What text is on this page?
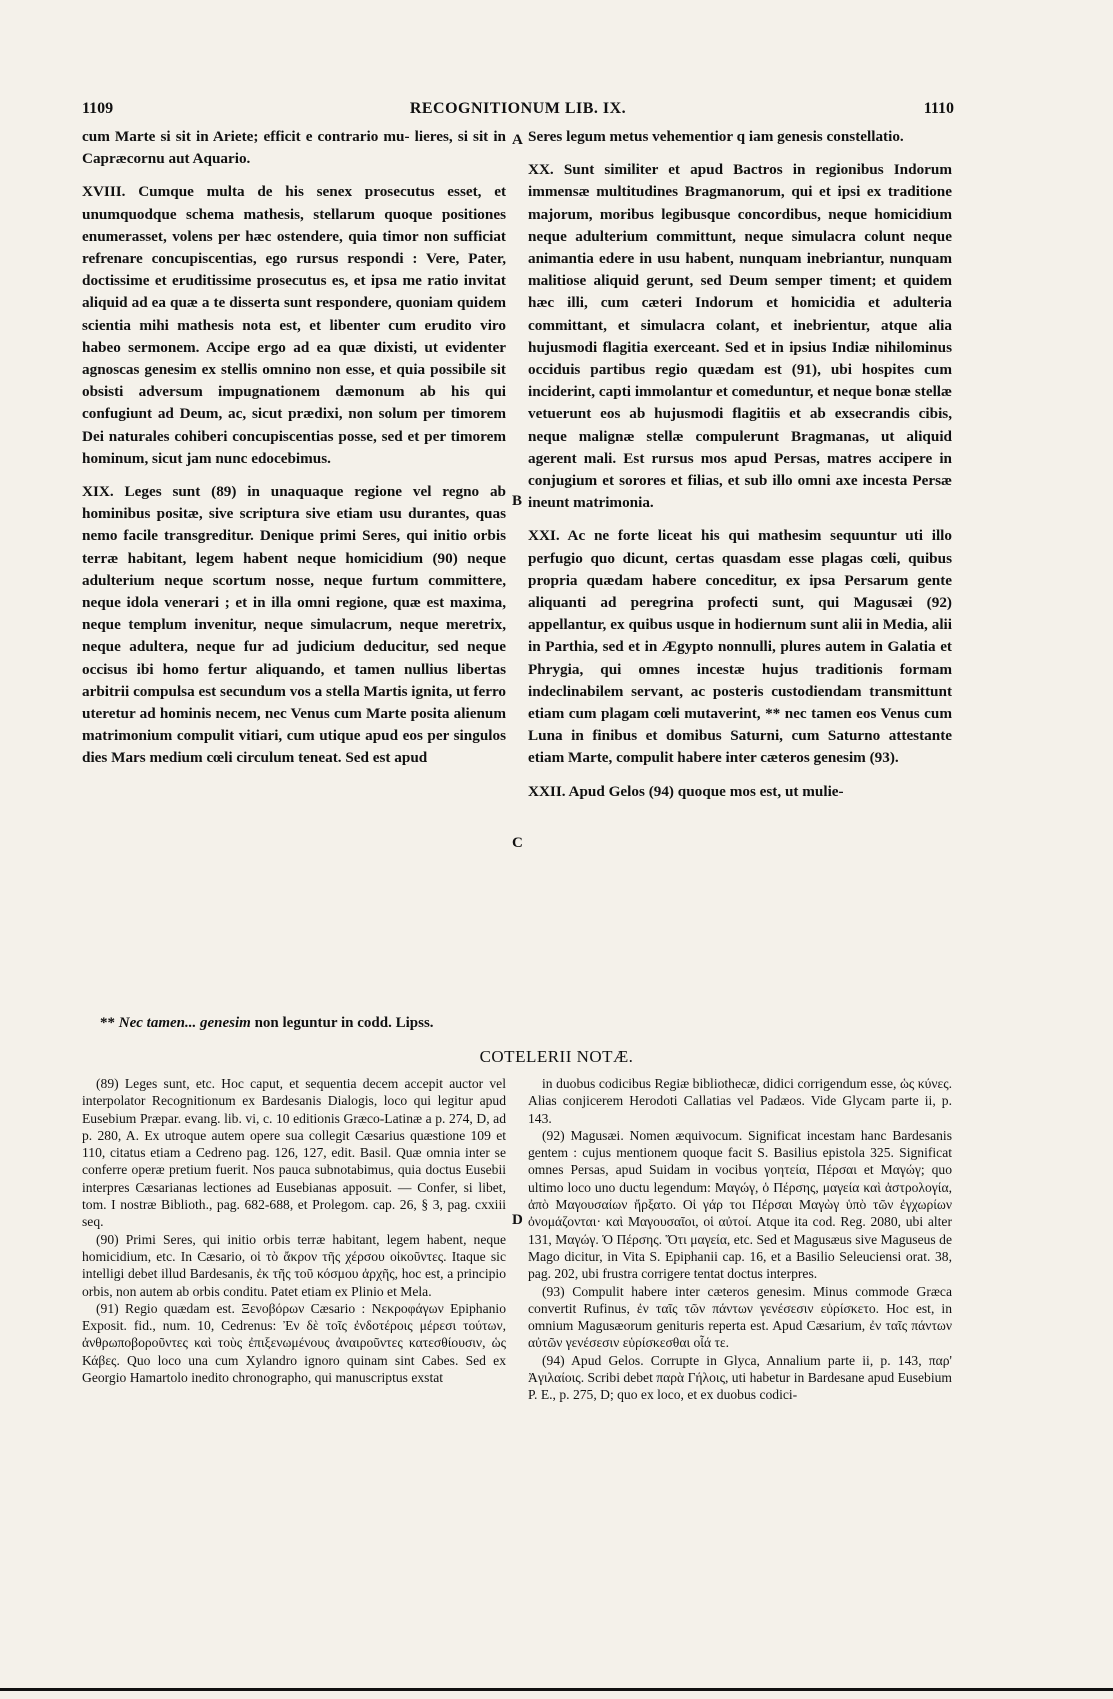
1109	RECOGNITIONUM LIB. IX.	1110
A
B
C
D

cum Marte si sit in Ariete; efficit e contrario mu- lieres, si sit in Capræcornu aut Aquario.

XVIII. Cumque multa de his senex prosecutus esset, et unumquodque schema mathesis, stellarum quoque positiones enumerasset, volens per hæc ostendere, quia timor non sufficiat refrenare concupiscentias, ego rursus respondi : Vere, Pater, doctissime et eruditissime prosecutus es, et ipsa me ratio invitat aliquid ad ea quæ a te disserta sunt respondere, quoniam quidem scientia mihi mathesis nota est, et libenter cum erudito viro habeo sermonem. Accipe ergo ad ea quæ dixisti, ut evidenter agnoscas genesim ex stellis omnino non esse, et quia possibile sit obsisti adversum impugnationem dæmonum ab his qui confugiunt ad Deum, ac, sicut prædixi, non solum per timorem Dei naturales cohiberi concupiscentias posse, sed et per timorem hominum, sicut jam nunc edocebimus.

XIX. Leges sunt (89) in unaquaque regione vel regno ab hominibus positæ, sive scriptura sive etiam usu durantes, quas nemo facile transgreditur. Denique primi Seres, qui initio orbis terræ habitant, legem habent neque homicidium (90) neque adulterium neque scortum nosse, neque furtum committere, neque idola venerari ; et in illa omni regione, quæ est maxima, neque templum invenitur, neque simulacrum, neque meretrix, neque adultera, neque fur ad judicium deducitur, sed neque occisus ibi homo fertur aliquando, et tamen nullius libertas arbitrii compulsa est secundum vos a stella Martis ignita, ut ferro uteretur ad hominis necem, nec Venus cum Marte posita alienum matrimonium compulit vitiari, cum utique apud eos per singulos dies Mars medium cœli circulum teneat. Sed est apud

Seres legum metus vehementior q iam genesis constellatio.

XX. Sunt similiter et apud Bactros in regionibus Indorum immensæ multitudines Bragmanorum, qui et ipsi ex traditione majorum, moribus legibusque concordibus, neque homicidium neque adulterium committunt, neque simulacra colunt neque animantia edere in usu habent, nunquam inebriantur, nunquam malitiose aliquid gerunt, sed Deum semper timent; et quidem hæc illi, cum cæteri Indorum et homicidia et adulteria committant, et simulacra colant, et inebrientur, atque alia hujusmodi flagitia exerceant. Sed et in ipsius Indiæ nihilominus occiduis partibus regio quædam est (91), ubi hospites cum inciderint, capti immolantur et comeduntur, et neque bonæ stellæ vetuerunt eos ab hujusmodi flagitiis et ab exsecrandis cibis, neque malignæ stellæ compulerunt Bragmanas, ut aliquid agerent mali. Est rursus mos apud Persas, matres accipere in conjugium et sorores et filias, et sub illo omni axe incesta Persæ ineunt matrimonia.

XXI. Ac ne forte liceat his qui mathesim sequuntur uti illo perfugio quo dicunt, certas quasdam esse plagas cœli, quibus propria quædam habere conceditur, ex ipsa Persarum gente aliquanti ad peregrina profecti sunt, qui Magusæi (92) appellantur, ex quibus usque in hodiernum sunt alii in Media, alii in Parthia, sed et in Ægypto nonnulli, plures autem in Galatia et Phrygia, qui omnes incestæ hujus traditionis formam indeclinabilem servant, ac posteris custodiendam transmittunt etiam cum plagam cœli mutaverint, ** nec tamen eos Venus cum Luna in finibus et domibus Saturni, cum Saturno attestante etiam Marte, compulit habere inter cæteros genesim (93).

XXII. Apud Gelos (94) quoque mos est, ut mulie-

** Nec tamen... genesim non leguntur in codd. Lipss.
COTELERII NOTÆ.

(89) Leges sunt, etc. Hoc caput, et sequentia decem accepit auctor vel interpolator Recognitionum ex Bardesanis Dialogis, loco qui legitur apud Eusebium Præpar. evang. lib. vi, c. 10 editionis Græco-Latinæ a p. 274, D, ad p. 280, A. Ex utroque autem opere sua collegit Cæsarius quæstione 109 et 110, citatus etiam a Cedreno pag. 126, 127, edit. Basil. Quæ omnia inter se conferre operæ pretium fuerit. Nos pauca subnotabimus, quia doctus Eusebii interpres Cæsarianas lectiones ad Eusebianas apposuit. — Confer, si libet, tom. I nostræ Biblioth., pag. 682-688, et Prolegom. cap. 26, § 3, pag. cxxiii seq.

(90) Primi Seres, qui initio orbis terræ habitant, legem habent, neque homicidium, etc. In Cæsario, οἱ τὸ ἄκρον τῆς χέρσου οἰκοῦντες. Itaque sic intelligi debet illud Bardesanis, ἐκ τῆς τοῦ κόσμου ἀρχῆς, hoc est, a principio orbis, non autem ab orbis conditu. Patet etiam ex Plinio et Mela.

(91) Regio quædam est. Ξενοβόρων Cæsario : Νεκροφάγων Epiphanio Exposit. fid., num. 10, Cedrenus: Ἐν δὲ τοῖς ἐνδοτέροις μέρεσι τούτων, ἀνθρωποβοροῦντες καὶ τοὺς ἐπιξενωμένους ἀναιροῦντες κατεσθίουσιν, ὡς Κάβες. Quo loco una cum Xylandro ignoro quinam sint Cabes. Sed ex Georgio Hamartolo inedito chronographo, qui manuscriptus exstat

in duobus codicibus Regiæ bibliothecæ, didici corrigendum esse, ὡς κύνες. Alias conjicerem Herodoti Callatias vel Padæos. Vide Glycam parte ii, p. 143.

(92) Magusæi. Nomen æquivocum. Significat incestam hanc Bardesanis gentem : cujus mentionem quoque facit S. Basilius epistola 325. Significat omnes Persas, apud Suidam in vocibus γοητεία, Πέρσαι et Μαγώγ; quo ultimo loco uno ductu legendum: Μαγώγ, ὁ Πέρσης, μαγεία καὶ ἀστρολογία, ἀπὸ Μαγουσαίων ἤρξατο. Οἱ γάρ τοι Πέρσαι Μαγὼγ ὑπὸ τῶν ἐγχωρίων ὀνομάζονται· καὶ Μαγουσαῖοι, οἱ αὐτοί. Atque ita cod. Reg. 2080, ubi alter 131, Μαγώγ. Ὁ Πέρσης. Ὅτι μαγεία, etc. Sed et Magusæus sive Maguseus de Mago dicitur, in Vita S. Epiphanii cap. 16, et a Basilio Seleuciensi orat. 38, pag. 202, ubi frustra corrigere tentat doctus interpres.

(93) Compulit habere inter cæteros genesim. Minus commode Græca convertit Rufinus, ἐν ταῖς τῶν πάντων γενέσεσιν εὑρίσκετο. Hoc est, in omnium Magusæorum genituris reperta est. Apud Cæsarium, ἐν ταῖς πάντων αὐτῶν γενέσεσιν εὑρίσκεσθαι οἷά τε.

(94) Apud Gelos. Corrupte in Glyca, Annalium parte ii, p. 143, παρ' Ἀγιλαίοις. Scribi debet παρὰ Γήλοις, uti habetur in Bardesane apud Eusebium P. E., p. 275, D; quo ex loco, et ex duobus codici-
